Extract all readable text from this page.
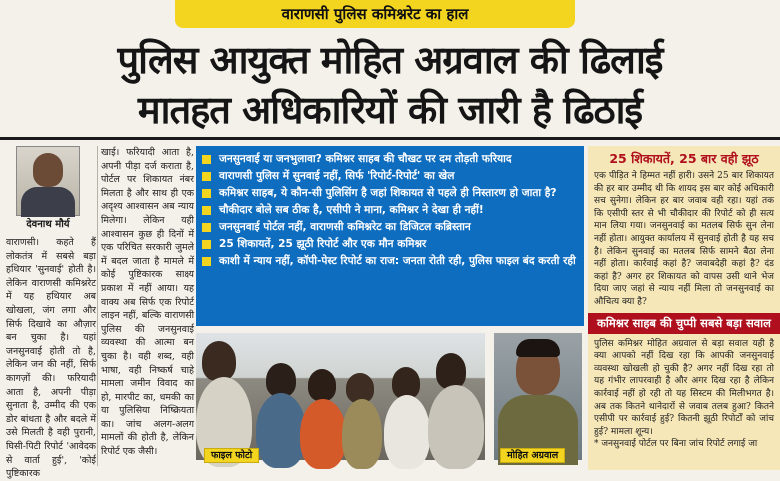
वाराणसी पुलिस कमिश्नरेट का हाल
पुलिस आयुक्त मोहित अग्रवाल की ढिलाई
मातहत अधिकारियों की जारी है ढिठाई
देवनाथ मौर्य
वाराणसी। कहते हैं लोकतंत्र में सबसे बड़ा हथियार 'सुनवाई' होती है। लेकिन वाराणसी कमिश्नरेट में यह हथियार अब खोखला, जंग लगा और सिर्फ दिखावे का औज़ार बन चुका है। यहां जनसुनवाई होती तो है, लेकिन जन की नहीं, सिर्फ कागज़ों की। फरियादी आता है, अपनी पीड़ा सुनाता है, उम्मीद की एक डोर बांधता है और बदले में उसे मिलती है वही पुरानी, घिसी-पिटी रिपोर्ट 'आवेदक से वार्ता हुई', 'कोई पुष्टिकारक
खाई। फरियादी आता है, अपनी पीड़ा दर्ज कराता है, पोर्टल पर शिकायत नंबर मिलता है और साथ ही एक अदृश्य आश्वासन अब न्याय मिलेगा। लेकिन यही आश्वासन कुछ ही दिनों में एक परिचित सरकारी जुमले में बदल जाता है मामले में कोई पुष्टिकारक साक्ष्य प्रकाश में नहीं आया। यह वाक्य अब सिर्फ एक रिपोर्ट लाइन नहीं, बल्कि वाराणसी पुलिस की जनसुनवाई व्यवस्था की आत्मा बन चुका है। वही शब्द, वही भाषा, वही निष्कर्ष चाहे मामला जमीन विवाद का हो, मारपीट का, धमकी का या पुलिसिया निष्क्रियता का। जांच अलग-अलग मामलों की होती है, लेकिन रिपोर्ट एक जैसी।
जनसुनवाई या जनभुलावा? कमिश्नर साहब की चौखट पर दम तोड़ती फरियाद
वाराणसी पुलिस में सुनवाई नहीं, सिर्फ 'रिपोर्ट-रिपोर्ट' का खेल
कमिश्नर साहब, ये कौन-सी पुलिसिंग है जहां शिकायत से पहले ही निस्तारण हो जाता है?
चौकीदार बोले सब ठीक है, एसीपी ने माना, कमिश्नर ने देखा ही नहीं!
जनसुनवाई पोर्टल नहीं, वाराणसी कमिश्नरेट का डिजिटल कब्रिस्तान
25 शिकायतें, 25 झूठी रिपोर्ट और एक मौन कमिश्नर
काशी में न्याय नहीं, कॉपी-पेस्ट रिपोर्ट का राज: जनता रोती रही, पुलिस फाइल बंद करती रही
फाइल फोटो	मोहित अग्रवाल
25 शिकायतें, 25 बार वही झूठ
एक पीड़ित ने हिम्मत नहीं हारी। उसने 25 बार शिकायत की हर बार उम्मीद थी कि शायद इस बार कोई अधिकारी सच सुनेगा। लेकिन हर बार जवाब वही रहा। यहां तक कि एसीपी स्तर से भी चौकीदार की रिपोर्ट को ही सत्य मान लिया गया। जनसुनवाई का मतलब सिर्फ सुन लेना नहीं होता। आयुक्त कार्यालय में सुनवाई होती है यह सच है। लेकिन सुनवाई का मतलब सिर्फ सामने बैठा लेना नहीं होता। कार्रवाई कहां है? जवाबदेही कहां है? दंड कहां है? अगर हर शिकायत को वापस उसी थाने भेज दिया जाए जहां से न्याय नहीं मिला तो जनसुनवाई का औचित्य क्या है?
कमिश्नर साहब की चुप्पी सबसे बड़ा सवाल
पुलिस कमिश्नर मोहित अग्रवाल से बड़ा सवाल यही है क्या आपको नहीं दिख रहा कि आपकी जनसुनवाई व्यवस्था खोखली हो चुकी है? अगर नहीं दिख रहा तो यह गंभीर लापरवाही है और अगर दिख रहा है लेकिन कार्रवाई नहीं हो रही तो यह सिस्टम की मिलीभगत है। अब तक कितने थानेदारों से जवाब तलब हुआ? कितने एसीपी पर कार्रवाई हुई? कितनी झूठी रिपोर्टों को जांच हुई? मामला शून्य।
* जनसुनवाई पोर्टल पर बिना जांच रिपोर्ट लगाई जा
